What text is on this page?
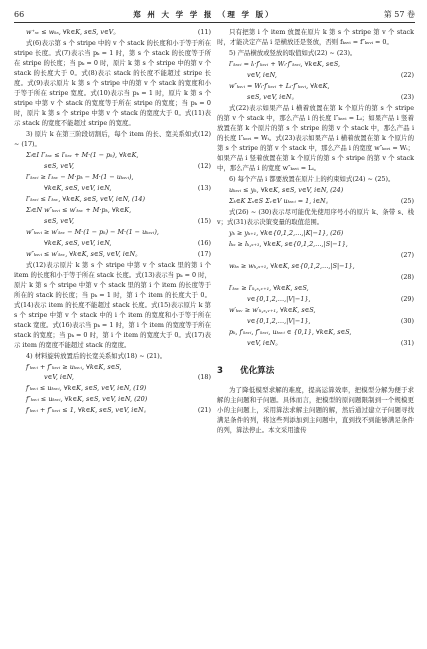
66	郑 州 大 学 学 报 （理 学 版）	第 57 卷
w⁺ₛᵥ ≤ wₖₛ, ∀k∈K, s∈S, v∈V。	(11)

式(6)表示第 s 个 stripe 中的 v 个 stack 的长度和小于等于所在 stripe 长度。式(7)表示当 pₖ = 1 时，第 s 个 stack 的长度等于所在 stripe 的长度；当 pₖ = 0 时，原片 k 第 s 个 stripe 中的第 v 个 stack 的长度大于 0。式(8)表示 stack 的长度不能超过 stripe 长度。式(9)表示原片 k 第 s 个 stripe 中的第 v 个 stack 的宽度和小于等于所在 stripe 宽度。式(10)表示当 pₖ = 1 时，原片 k 第 s 个 stripe 中第 v 个 stack 的宽度等于所在 stripe 的宽度；当 pₖ = 0 时，原片 k 第 s 个 stripe 中第 v 个 stack 的宽度大于 0。式(11)表示 stack 的宽度不能超过 stripe 的宽度。

3) 原片 k 在第三阶段切割后，每个 item 的长、宽关系如式(12) ~ (17)。

Σᵢ∈I l″ₖₛᵥ ≤ l′ₖₛᵥ + M·(1 − pₖ), ∀k∈K,
s∈S, v∈V,	(12)
l″ₖₛᵥᵢ ≥ l′ₖₛᵥ − M·pₖ − M·(1 − uₖₛᵥᵢ),
∀k∈K, s∈S, v∈V, i∈N,	(13)
l″ₖₛᵥᵢ ≤ l′ₖₛᵥ, ∀k∈K, s∈S, v∈V, i∈N, (14)
Σᵢ∈N w″ₖₛᵥᵢ ≤ w′ₖₛᵥ + M·pₖ, ∀k∈K,
s∈S, v∈V,	(15)
w″ₖₛᵥᵢ ≥ w′ₖₛᵥ − M·(1 − pₖ) − M·(1 − uₖₛᵥᵢ),
∀k∈K, s∈S, v∈V, i∈N,	(16)
w″ₖₛᵥᵢ ≤ w′ₖₛᵥ, ∀k∈K, s∈S, v∈V, i∈N。	(17)

式(12)表示原片 k 第 s 个 stripe 中第 v 个 stack 里的第 i 个 item 的长度和小于等于所在 stack 长度。式(13)表示当 pₖ = 0 时，原片 k 第 s 个 stripe 中第 v 个 stack 里的第 i 个 item 的长度等于所在的 stack 的长度；当 pₖ = 1 时，第 i 个 item 的长度大于 0。式(14)表示 item 的长度不能超过 stack 长度。式(15)表示原片 k 第 s 个 stripe 中第 v 个 stack 中的 i 个 item 的宽度和小于等于所在 stack 宽度。式(16)表示当 pₖ = 1 时，第 i 个 item 的宽度等于所在 stack 的宽度；当 pₖ = 0 时，第 i 个 item 的宽度大于 0。式(17)表示 item 的宽度不能超过 stack 的宽度。

4) 材料旋转放置后的长宽关系如式(18) ~ (21)。

f′ₖₛᵥᵢ + f″ₖₛᵥᵢ ≥ uₖₛᵥᵢ, ∀k∈K, s∈S,
v∈V, i∈N,	(18)
f′ₖₛᵥᵢ ≤ uₖₛᵥᵢ, ∀k∈K, s∈S, v∈V, i∈N, (19)
f″ₖₛᵥᵢ ≤ uₖₛᵥᵢ, ∀k∈K, s∈S, v∈V, i∈N, (20)
f′ₖₛᵥᵢ + f″ₖₛᵥᵢ ≤ 1, ∀k∈K, s∈S, v∈V, i∈N。	(21)

只有把第 i 个 item 放置在原片 k 第 s 个 stripe 第 v 个 stack 时，才能决定产品 i 是横放还是竖放，否则 fₖₛᵥᵢ = f″ₖₛᵥᵢ = 0。

5) 产品横放或竖放的取值如式(22) ~ (23)。

l″ₖₛᵥᵢ = lᵢ·f′ₖₛᵥᵢ + Wᵢ·f″ₖₛᵥᵢ, ∀k∈K, s∈S,
v∈V, i∈N,	(22)
w″ₖₛᵥᵢ = Wᵢ·f′ₖₛᵥᵢ + Lᵢ·f″ₖₛᵥᵢ, ∀k∈K,
s∈S, v∈V, i∈N。	(23)

式(22)表示如果产品 i 横着放置在第 k 个原片的第 s 个 stripe 的第 v 个 stack 中，那么产品 i 的长度 l″ₖₛᵥᵢ = Lᵢ；如果产品 i 竖着放置在第 k 个原片的第 s 个 stripe 的第 v 个 stack 中，那么产品 i 的长度 l″ₖₛᵥᵢ = Wᵢ。式(23)表示如果产品 i 横着放置在第 k 个原片的第 s 个 stripe 的第 v 个 stack 中，那么产品 i 的宽度 w″ₖₛᵥᵢ = Wᵢ；如果产品 i 竖着放置在第 k 个原片的第 s 个 stripe 的第 v 个 stack 中，那么产品 i 的宽度 w″ₖₛᵥᵢ = Lᵢ。

6) 每个产品 i 都要放置在原片上的约束如式(24) ~ (25)。

uₖₛᵥᵢ ≤ yₖ, ∀k∈K, s∈S, v∈V, i∈N, (24)
Σₖ∈K Σₛ∈S Σᵥ∈V uₖₛᵥᵢ = 1, i∈N。	(25)

式(26) ~ (30)表示尽可能优先使用序号小的原片 k、条带 s、栈 v；式(31)表示决策变量的取值范围。

yₖ ≥ yₖ₊₁, ∀k∈{0,1,2,…,|K|−1}, (26)
lₖₛ ≥ lₖ,ₛ₊₁, ∀k∈K, s∈{0,1,2,…,|S|−1},
(27)
wₖₛ ≥ wₖ,ₛ₊₁, ∀k∈K, s∈{0,1,2,…,|S|−1},
(28)
l′ₖₛᵥ ≥ l′ₖ,ₛ,ᵥ₊₁, ∀k∈K, s∈S,
v∈{0,1,2,…,|V|−1},	(29)
w′ₖₛᵥ ≥ w′ₖ,ₛ,ᵥ₊₁, ∀k∈K, s∈S,
v∈{0,1,2,…,|V|−1},	(30)
pₖ, f′ₖₛᵥᵢ, f″ₖₛᵥᵢ, uₖₛᵥᵢ ∈ {0,1}, ∀k∈K, s∈S,
v∈V, i∈N。	(31)
3 优化算法

为了降低模型求解的难度，提高运算效率，把模型分解为便于求解的主问题和子问题。具体而言，把模型的原问题限制到一个规模更小的主问题上，采用算法求解主问题的解，然后通过建立子问题寻找满足条件的列，将这些列添加到主问题中，直到找不到能够满足条件的列，算法停止。本文采用遗传
